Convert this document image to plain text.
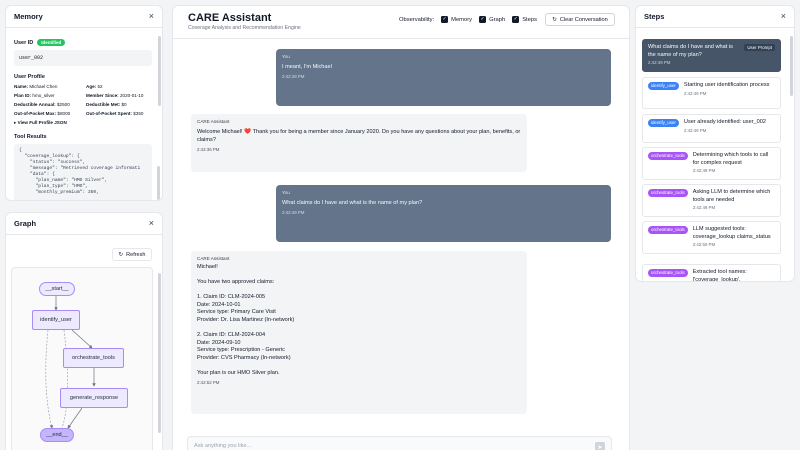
Memory	×
User ID	Identified
user_002
User Profile
Name: Michael Chen	Age: 52
Plan ID: hmo_silver	Member Since: 2020-01-10
Deductible Annual: $2500	Deductible Met: $0
Out-of-Pocket Max: $8000	Out-of-Pocket Spent: $350
▸ View Full Profile JSON
Tool Results
{
"coverage_lookup": {
"status": "success",
"message": "Retrieved coverage informati
"data": {
"plan_name": "HMO Silver",
"plan_type": "HMO",
"monthly_premium": 350,
Graph	×
↻ Refresh
__start__
identify_user
orchestrate_tools
generate_response
__end__
CARE Assistant
Coverage Analysis and Recommendation Engine
Observability: ✓ Memory ✓ Graph ✓ Steps	↻ Clear Conversation
You
I meant, I'm Michael
2:42:28 PM
CARE Assistant
Welcome Michael! ❤️ Thank you for being a member since January 2020. Do you have any questions about your plan, benefits, or claims?
2:42:36 PM
You
What claims do I have and what is the name of my plan?
2:42:49 PM
CARE Assistant
Michael!

You have two approved claims:

1. Claim ID: CLM-2024-005
Date: 2024-10-01
Service type: Primary Care Visit
Provider: Dr. Lisa Martinez (In-network)

2. Claim ID: CLM-2024-004
Date: 2024-09-10
Service type: Prescription - Generic
Provider: CVS Pharmacy (In-network)

Your plan is our HMO Silver plan.
2:42:52 PM
Ask anything you like...	➤
Steps	×
User Prompt
What claims do I have and what is the name of my plan?
2:42:49 PM
identify_user	Starting user identification process
2:42:49 PM
identify_user	User already identified: user_002
2:42:49 PM
orchestrate_tools	Determining which tools to call for complex request
2:42:49 PM
orchestrate_tools	Asking LLM to determine which tools are needed
2:42:49 PM
orchestrate_tools	LLM suggested tools: coverage_lookup claims_status
2:42:50 PM
orchestrate_tools	Extracted tool names: ['coverage_lookup',
